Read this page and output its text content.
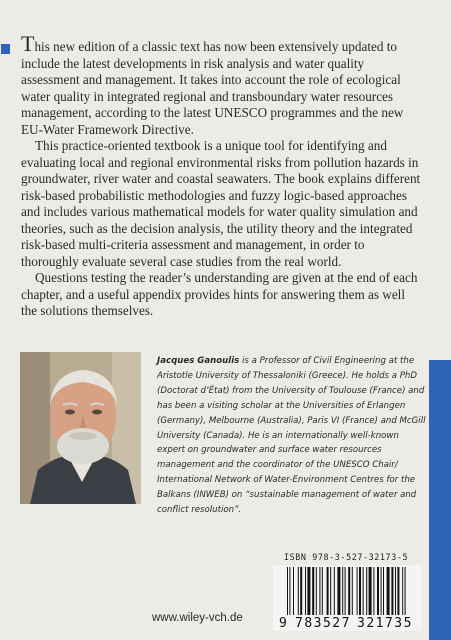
This new edition of a classic text has now been extensively updated to include the latest developments in risk analysis and water quality assessment and management. It takes into account the role of ecological water quality in integrated regional and transboundary water resources management, according to the latest UNESCO programmes and the new EU-Water Framework Directive.

This practice-oriented textbook is a unique tool for identifying and evaluating local and regional environmental risks from pollution hazards in groundwater, river water and coastal seawaters. The book explains different risk-based probabilistic methodologies and fuzzy logic-based approaches and includes various mathematical models for water quality simulation and theories, such as the decision analysis, the utility theory and the integrated risk-based multi-criteria assessment and management, in order to thoroughly evaluate several case studies from the real world.

Questions testing the reader’s understanding are given at the end of each chapter, and a useful appendix provides hints for answering them as well the solutions themselves.

Jacques Ganoulis is a Professor of Civil Engineering at the Aristotle University of Thessaloniki (Greece). He holds a PhD (Doctorat d’État) from the University of Toulouse (France) and has been a visiting scholar at the Universities of Erlangen (Germany), Melbourne (Australia), Paris VI (France) and McGill University (Canada). He is an internationally well-known expert on groundwater and surface water resources management and the coordinator of the UNESCO Chair/ International Network of Water-Environment Centres for the Balkans (INWEB) on “sustainable management of water and conflict resolution”.
ISBN 978-3-527-32173-5
9 783527 321735
www.wiley-vch.de
